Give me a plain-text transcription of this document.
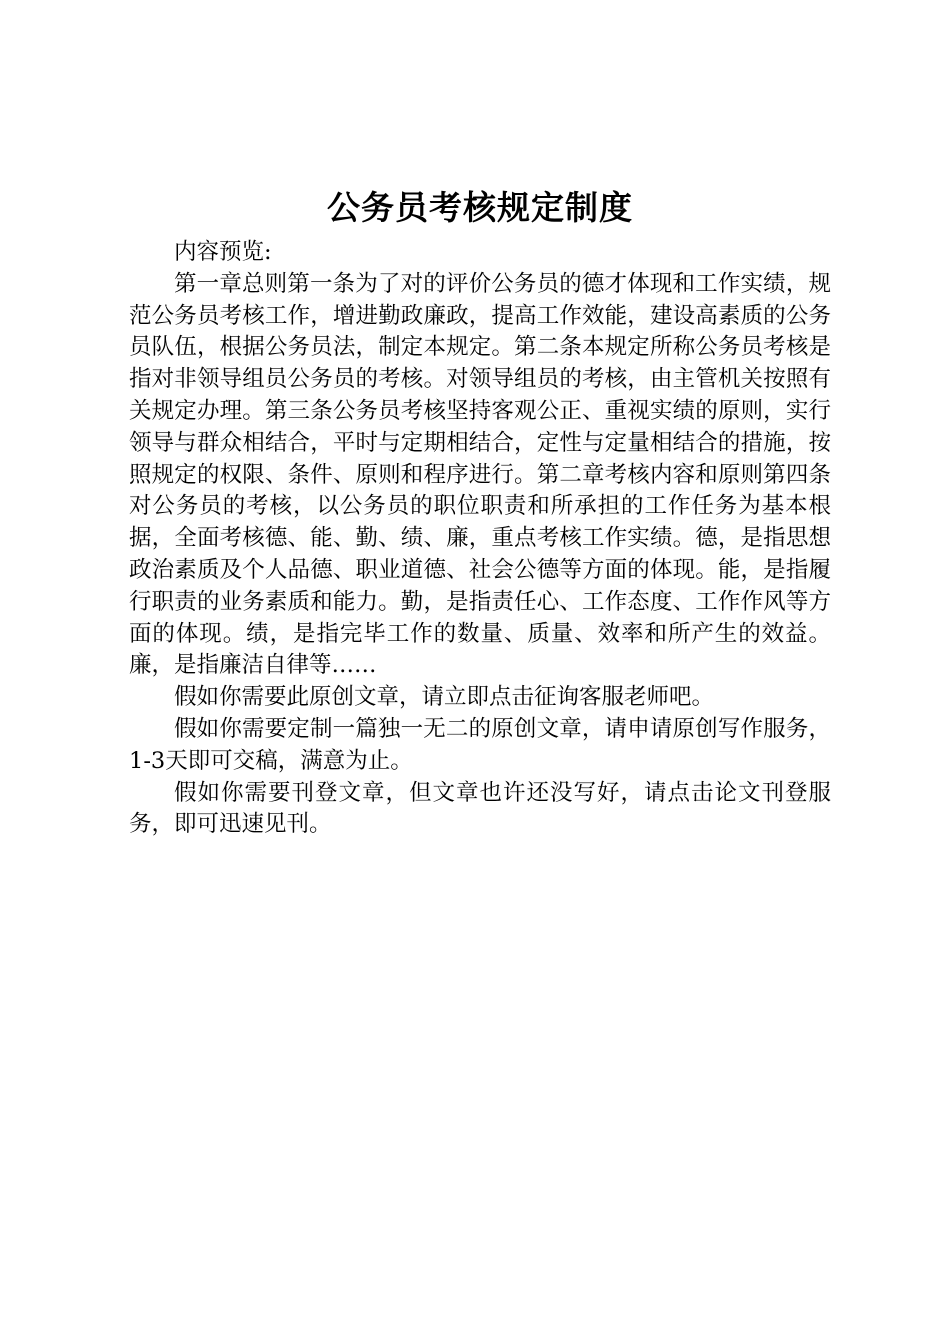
公务员考核规定制度

内容预览:

第一章总则第一条为了对的评价公务员的德才体现和工作实绩，规范公务员考核工作，增进勤政廉政，提高工作效能，建设高素质的公务员队伍，根据公务员法，制定本规定。第二条本规定所称公务员考核是指对非领导组员公务员的考核。对领导组员的考核，由主管机关按照有关规定办理。第三条公务员考核坚持客观公正、重视实绩的原则，实行领导与群众相结合，平时与定期相结合，定性与定量相结合的措施，按照规定的权限、条件、原则和程序进行。第二章考核内容和原则第四条对公务员的考核，以公务员的职位职责和所承担的工作任务为基本根据，全面考核德、能、勤、绩、廉，重点考核工作实绩。德，是指思想政治素质及个人品德、职业道德、社会公德等方面的体现。能，是指履行职责的业务素质和能力。勤，是指责任心、工作态度、工作作风等方面的体现。绩，是指完毕工作的数量、质量、效率和所产生的效益。廉，是指廉洁自律等……

假如你需要此原创文章，请立即点击征询客服老师吧。

假如你需要定制一篇独一无二的原创文章，请申请原创写作服务，1-3天即可交稿，满意为止。

假如你需要刊登文章，但文章也许还没写好，请点击论文刊登服务，即可迅速见刊。
